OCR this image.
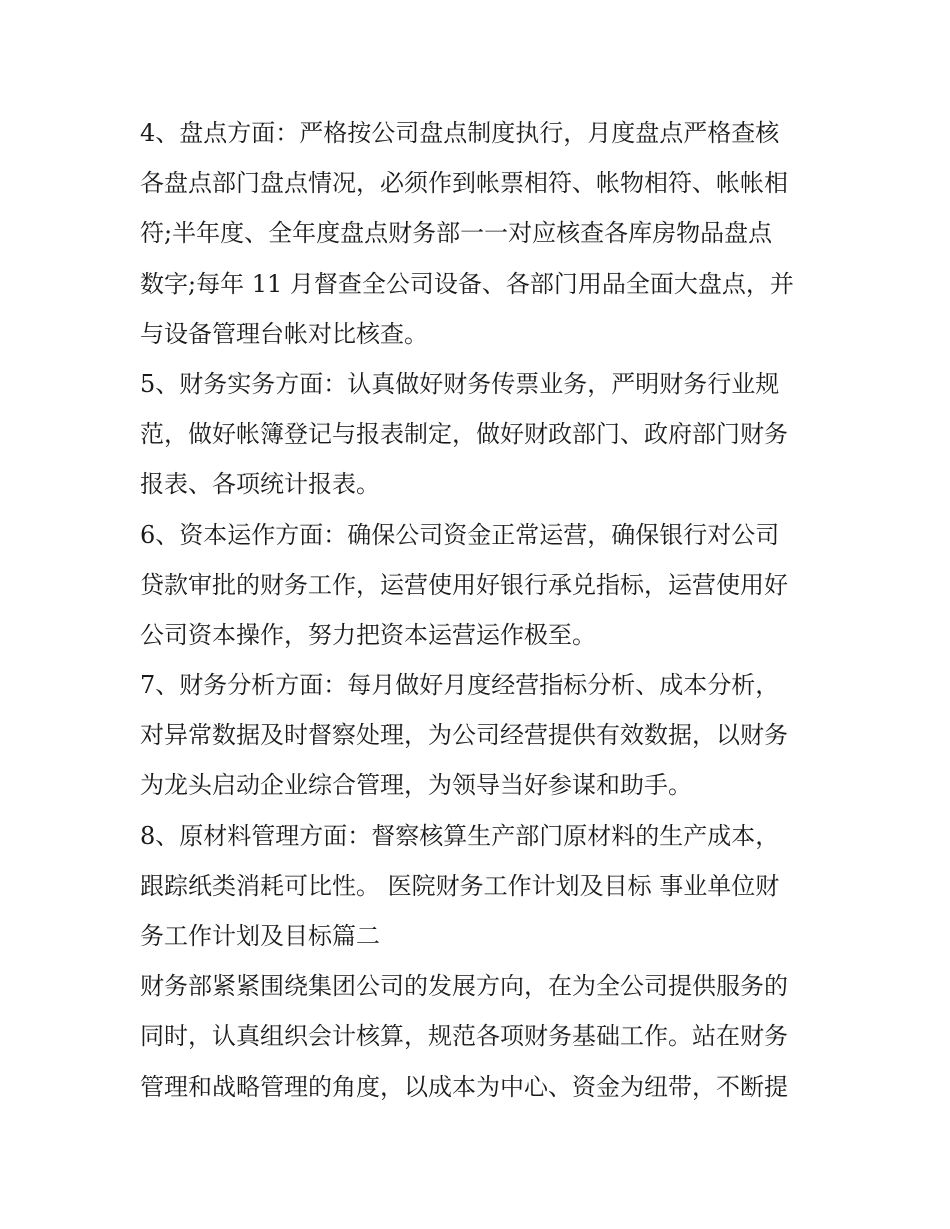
4、盘点方面：严格按公司盘点制度执行，月度盘点严格查核
各盘点部门盘点情况，必须作到帐票相符、帐物相符、帐帐相
符;半年度、全年度盘点财务部一一对应核查各库房物品盘点
数字;每年 11 月督查全公司设备、各部门用品全面大盘点，并
与设备管理台帐对比核查。
5、财务实务方面：认真做好财务传票业务，严明财务行业规
范，做好帐簿登记与报表制定，做好财政部门、政府部门财务
报表、各项统计报表。
6、资本运作方面：确保公司资金正常运营，确保银行对公司
贷款审批的财务工作，运营使用好银行承兑指标，运营使用好
公司资本操作，努力把资本运营运作极至。
7、财务分析方面：每月做好月度经营指标分析、成本分析，
对异常数据及时督察处理，为公司经营提供有效数据，以财务
为龙头启动企业综合管理，为领导当好参谋和助手。
8、原材料管理方面：督察核算生产部门原材料的生产成本，
跟踪纸类消耗可比性。 医院财务工作计划及目标 事业单位财
务工作计划及目标篇二
财务部紧紧围绕集团公司的发展方向，在为全公司提供服务的
同时，认真组织会计核算，规范各项财务基础工作。站在财务
管理和战略管理的角度，以成本为中心、资金为纽带，不断提
